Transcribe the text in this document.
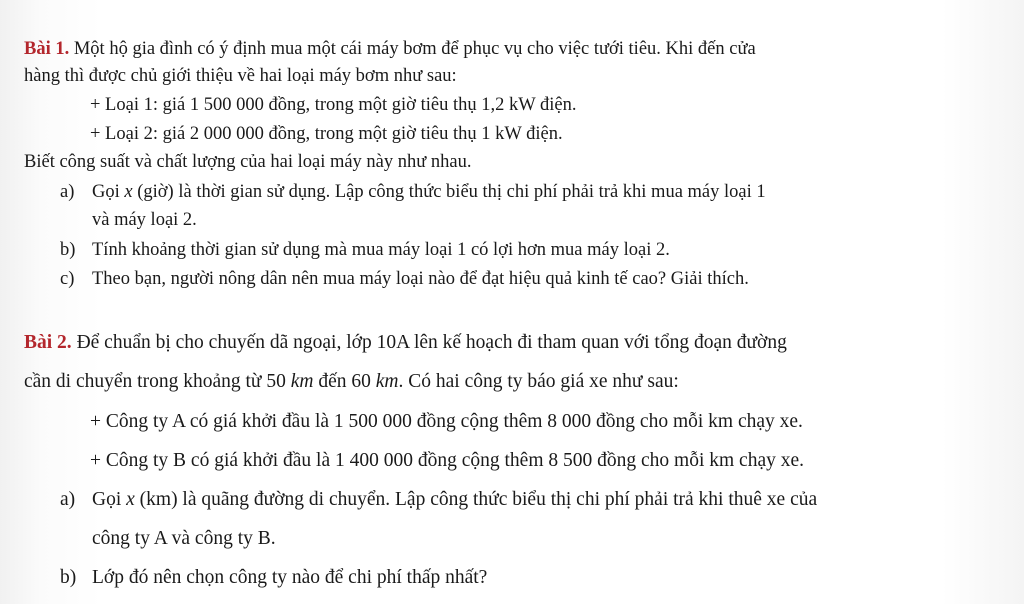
Bài 1. Một hộ gia đình có ý định mua một cái máy bơm để phục vụ cho việc tưới tiêu. Khi đến cửa
hàng thì được chủ giới thiệu về hai loại máy bơm như sau:
+ Loại 1: giá 1 500 000 đồng, trong một giờ tiêu thụ 1,2 kW điện.
+ Loại 2: giá 2 000 000 đồng, trong một giờ tiêu thụ 1 kW điện.
Biết công suất và chất lượng của hai loại máy này như nhau.
a) Gọi x (giờ) là thời gian sử dụng. Lập công thức biểu thị chi phí phải trả khi mua máy loại 1
và máy loại 2.
b) Tính khoảng thời gian sử dụng mà mua máy loại 1 có lợi hơn mua máy loại 2.
c) Theo bạn, người nông dân nên mua máy loại nào để đạt hiệu quả kinh tế cao? Giải thích.
Bài 2. Để chuẩn bị cho chuyến dã ngoại, lớp 10A lên kế hoạch đi tham quan với tổng đoạn đường
cần di chuyển trong khoảng từ 50 km đến 60 km. Có hai công ty báo giá xe như sau:
+ Công ty A có giá khởi đầu là 1 500 000 đồng cộng thêm 8 000 đồng cho mỗi km chạy xe.
+ Công ty B có giá khởi đầu là 1 400 000 đồng cộng thêm 8 500 đồng cho mỗi km chạy xe.
a) Gọi x (km) là quãng đường di chuyển. Lập công thức biểu thị chi phí phải trả khi thuê xe của
công ty A và công ty B.
b) Lớp đó nên chọn công ty nào để chi phí thấp nhất?
